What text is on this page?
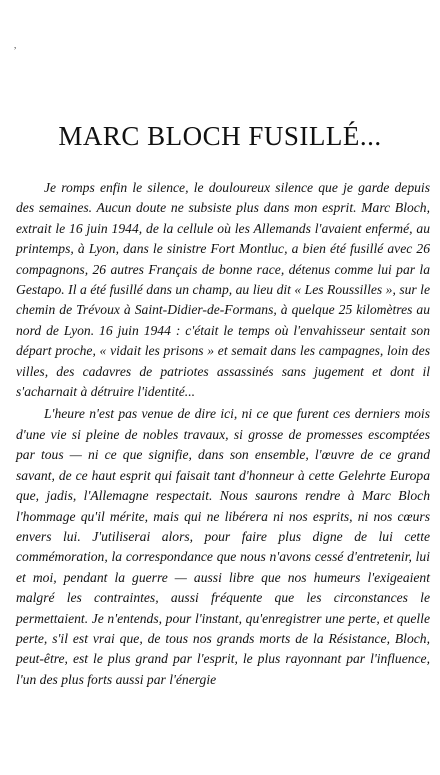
,
MARC BLOCH FUSILLÉ...

Je romps enfin le silence, le douloureux silence que je garde depuis des semaines. Aucun doute ne subsiste plus dans mon esprit. Marc Bloch, extrait le 16 juin 1944, de la cellule où les Allemands l'avaient enfermé, au printemps, à Lyon, dans le sinistre Fort Montluc, a bien été fusillé avec 26 compagnons, 26 autres Français de bonne race, détenus comme lui par la Gestapo. Il a été fusillé dans un champ, au lieu dit « Les Roussilles », sur le chemin de Trévoux à Saint-Didier-de-Formans, à quelque 25 kilomètres au nord de Lyon. 16 juin 1944 : c'était le temps où l'envahisseur sentait son départ proche, « vidait les prisons » et semait dans les campagnes, loin des villes, des cadavres de patriotes assassinés sans jugement et dont il s'acharnait à détruire l'identité...

L'heure n'est pas venue de dire ici, ni ce que furent ces derniers mois d'une vie si pleine de nobles travaux, si grosse de promesses escomptées par tous — ni ce que signifie, dans son ensemble, l'œuvre de ce grand savant, de ce haut esprit qui faisait tant d'honneur à cette Gelehrte Europa que, jadis, l'Allemagne respectait. Nous saurons rendre à Marc Bloch l'hommage qu'il mérite, mais qui ne libérera ni nos esprits, ni nos cœurs envers lui. J'utiliserai alors, pour faire plus digne de lui cette commémoration, la correspondance que nous n'avons cessé d'entretenir, lui et moi, pendant la guerre — aussi libre que nos humeurs l'exigeaient malgré les contraintes, aussi fréquente que les circonstances le permettaient. Je n'entends, pour l'instant, qu'enregistrer une perte, et quelle perte, s'il est vrai que, de tous nos grands morts de la Résistance, Bloch, peut-être, est le plus grand par l'esprit, le plus rayonnant par l'influence, l'un des plus forts aussi par l'énergie
